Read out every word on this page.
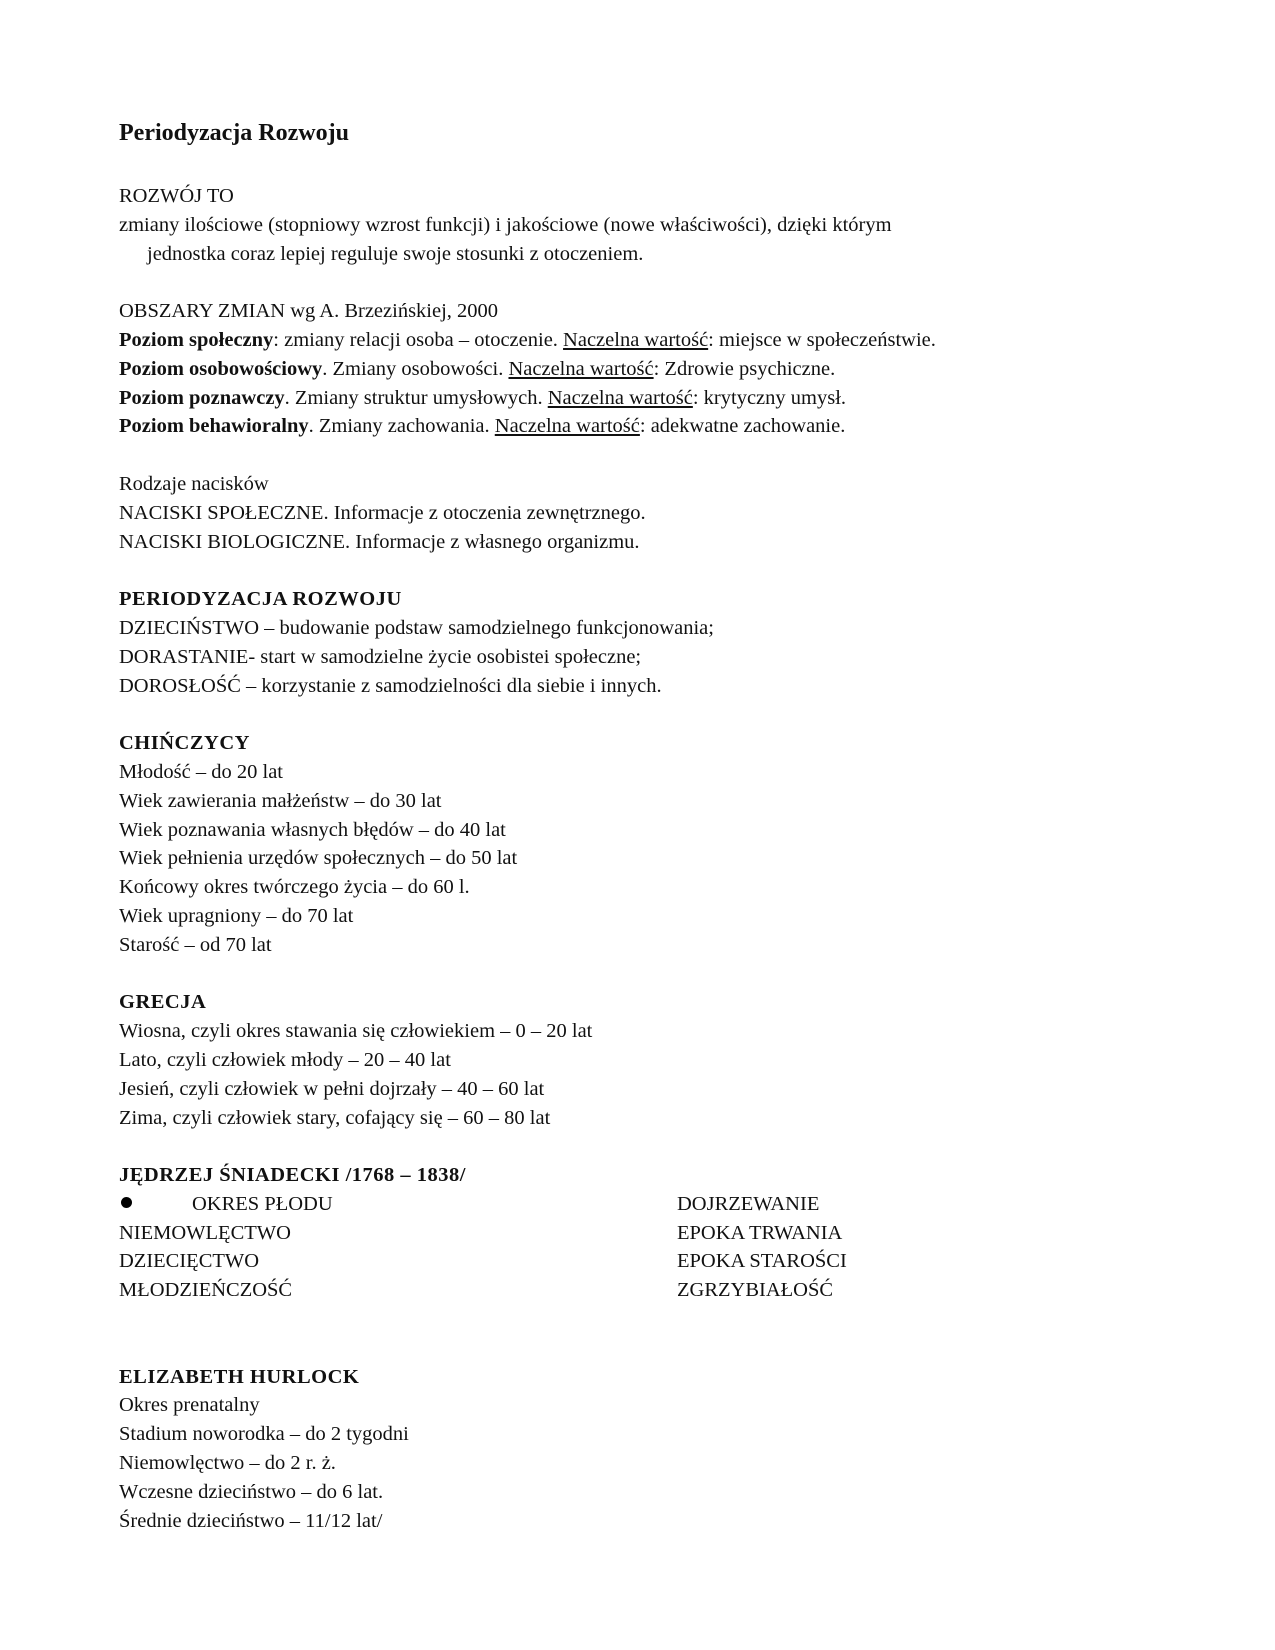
Periodyzacja Rozwoju

ROZWÓJ TO

zmiany ilościowe (stopniowy wzrost funkcji) i jakościowe (nowe właściwości), dzięki którym

jednostka coraz lepiej reguluje swoje stosunki z otoczeniem.

OBSZARY ZMIAN wg A. Brzezińskiej, 2000

Poziom społeczny: zmiany relacji osoba – otoczenie. Naczelna wartość: miejsce w społeczeństwie.

Poziom osobowościowy. Zmiany osobowości. Naczelna wartość: Zdrowie psychiczne.

Poziom poznawczy. Zmiany struktur umysłowych. Naczelna wartość: krytyczny umysł.

Poziom behawioralny. Zmiany zachowania. Naczelna wartość: adekwatne zachowanie.

Rodzaje nacisków

NACISKI SPOŁECZNE. Informacje z otoczenia zewnętrznego.

NACISKI BIOLOGICZNE. Informacje z własnego organizmu.

PERIODYZACJA ROZWOJU

DZIECIŃSTWO – budowanie podstaw samodzielnego funkcjonowania;

DORASTANIE- start w samodzielne życie osobistei społeczne;

DOROSŁOŚĆ – korzystanie z samodzielności dla siebie i innych.

CHIŃCZYCY

Młodość – do 20 lat

Wiek zawierania małżeństw – do 30 lat

Wiek poznawania własnych błędów – do 40 lat

Wiek pełnienia urzędów społecznych – do 50 lat

Końcowy okres twórczego życia – do 60 l.

Wiek upragniony – do 70 lat

Starość – od 70 lat

GRECJA

Wiosna, czyli okres stawania się człowiekiem – 0 – 20 lat

Lato, czyli człowiek młody – 20 – 40 lat

Jesień, czyli człowiek w pełni dojrzały – 40 – 60 lat

Zima, czyli człowiek stary, cofający się – 60 – 80 lat

JĘDRZEJ ŚNIADECKI /1768 – 1838/

OKRES PŁODU

NIEMOWLĘCTWO

DZIECIĘCTWO

MŁODZIEŃCZOŚĆ

DOJRZEWANIE

EPOKA TRWANIA

EPOKA STAROŚCI

ZGRZYBIAŁOŚĆ

ELIZABETH HURLOCK

Okres prenatalny

Stadium noworodka – do 2 tygodni

Niemowlęctwo – do 2 r. ż.

Wczesne dzieciństwo – do 6 lat.

Średnie dzieciństwo – 11/12 lat/
